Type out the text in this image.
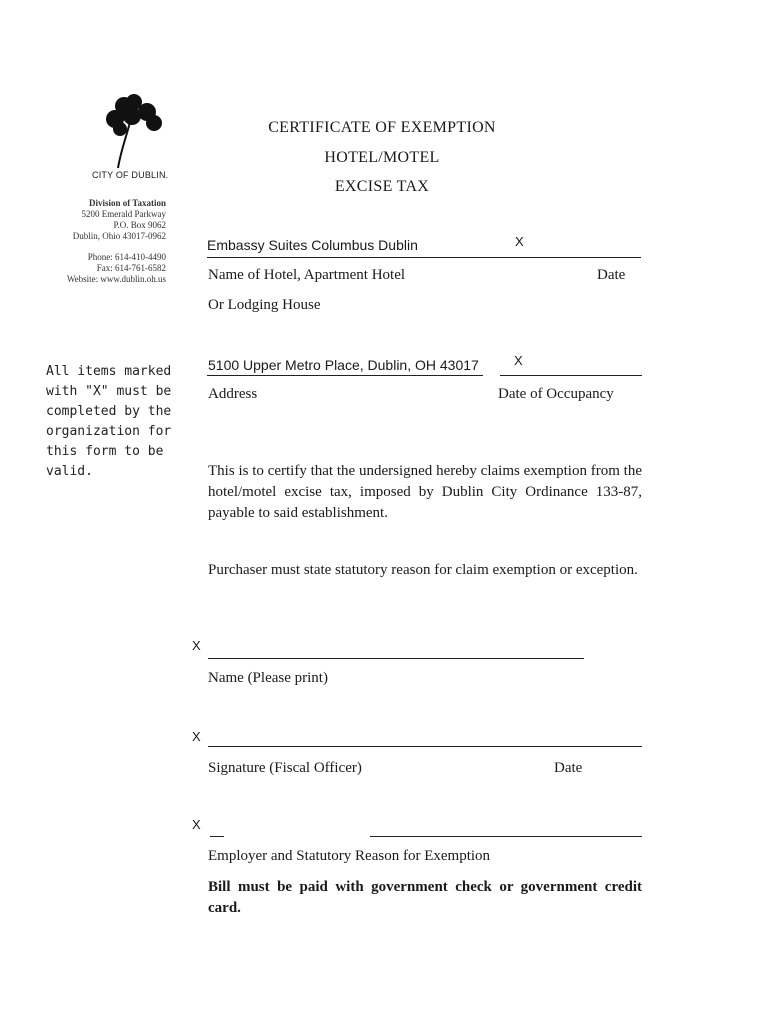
CITY OF DUBLIN.
Division of Taxation
5200 Emerald Parkway
P.O. Box 9062
Dublin, Ohio 43017-0962
Phone: 614-410-4490
Fax: 614-761-6582
Website: www.dublin.oh.us
CERTIFICATE OF EXEMPTION
HOTEL/MOTEL
EXCISE TAX
All items marked
with "X" must be
completed by the
organization for
this form to be
valid.
Embassy Suites Columbus Dublin	X
Name of Hotel, Apartment Hotel	Date
Or Lodging House
5100 Upper Metro Place, Dublin, OH 43017	X
Address	Date of Occupancy
This is to certify that the undersigned hereby claims exemption from the hotel/motel excise tax, imposed by Dublin City Ordinance 133-87, payable to said establishment.
Purchaser must state statutory reason for claim exemption or exception.
X
Name (Please print)
X
Signature (Fiscal Officer)	Date
X
Employer and Statutory Reason for Exemption
Bill must be paid with government check or government credit card.
